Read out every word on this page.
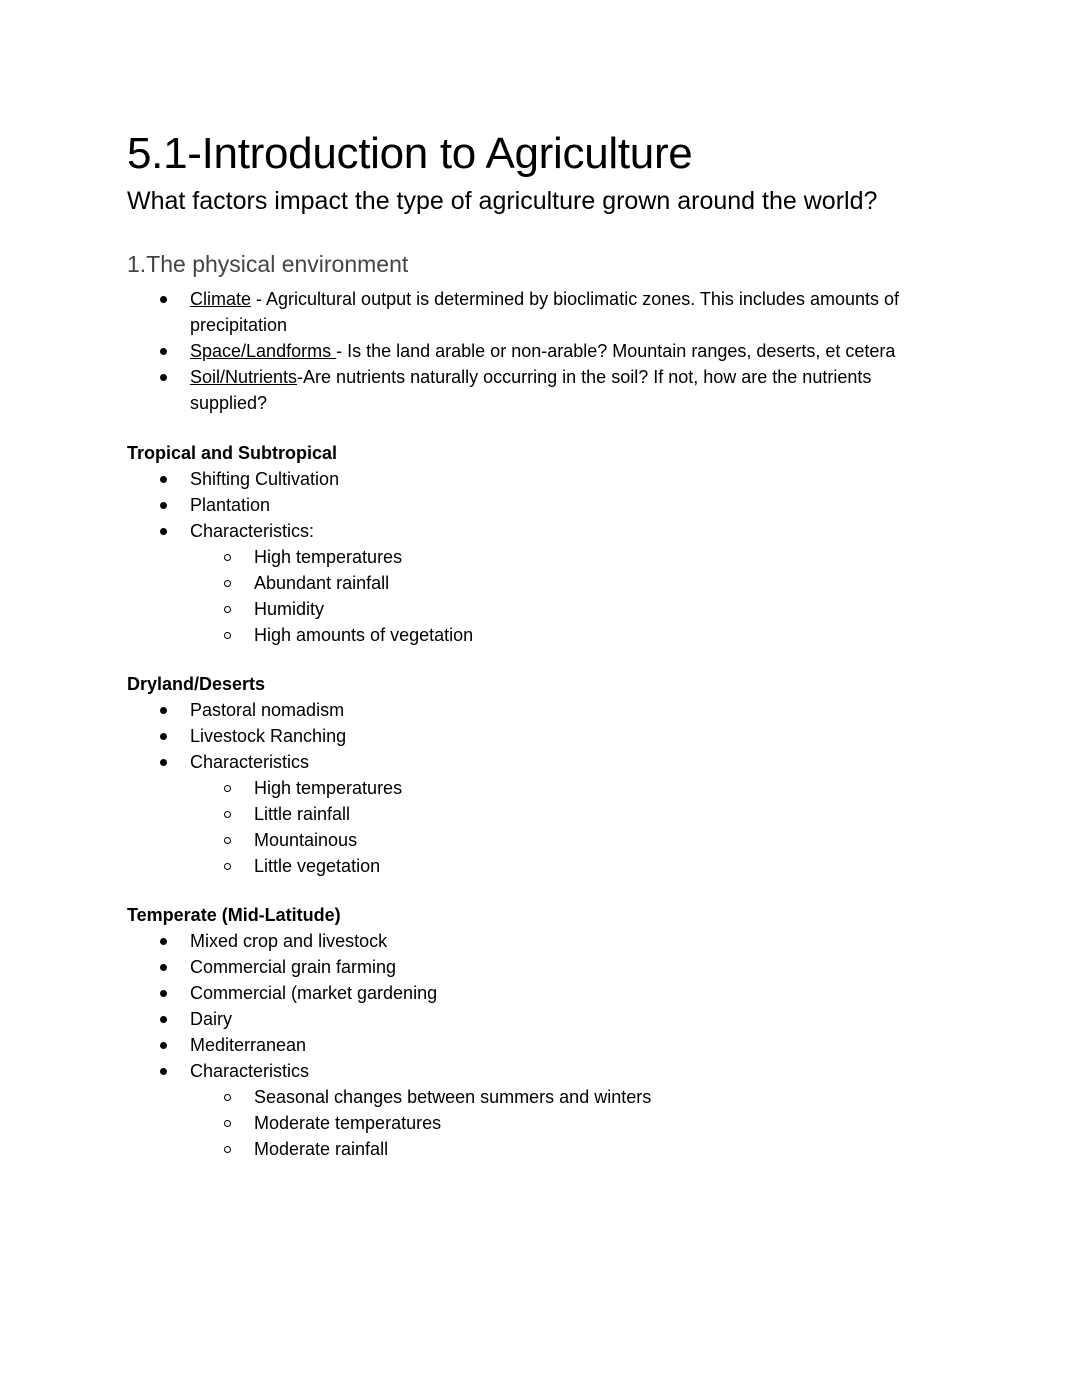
5.1-Introduction to Agriculture
What factors impact the type of agriculture grown around the world?
1.The physical environment
Climate - Agricultural output is determined by bioclimatic zones. This includes amounts of precipitation
Space/Landforms - Is the land arable or non-arable? Mountain ranges, deserts, et cetera
Soil/Nutrients-Are nutrients naturally occurring in the soil? If not, how are the nutrients supplied?
Tropical and Subtropical
Shifting Cultivation
Plantation
Characteristics:
High temperatures
Abundant rainfall
Humidity
High amounts of vegetation
Dryland/Deserts
Pastoral nomadism
Livestock Ranching
Characteristics
High temperatures
Little rainfall
Mountainous
Little vegetation
Temperate (Mid-Latitude)
Mixed crop and livestock
Commercial grain farming
Commercial (market gardening
Dairy
Mediterranean
Characteristics
Seasonal changes between summers and winters
Moderate temperatures
Moderate rainfall
